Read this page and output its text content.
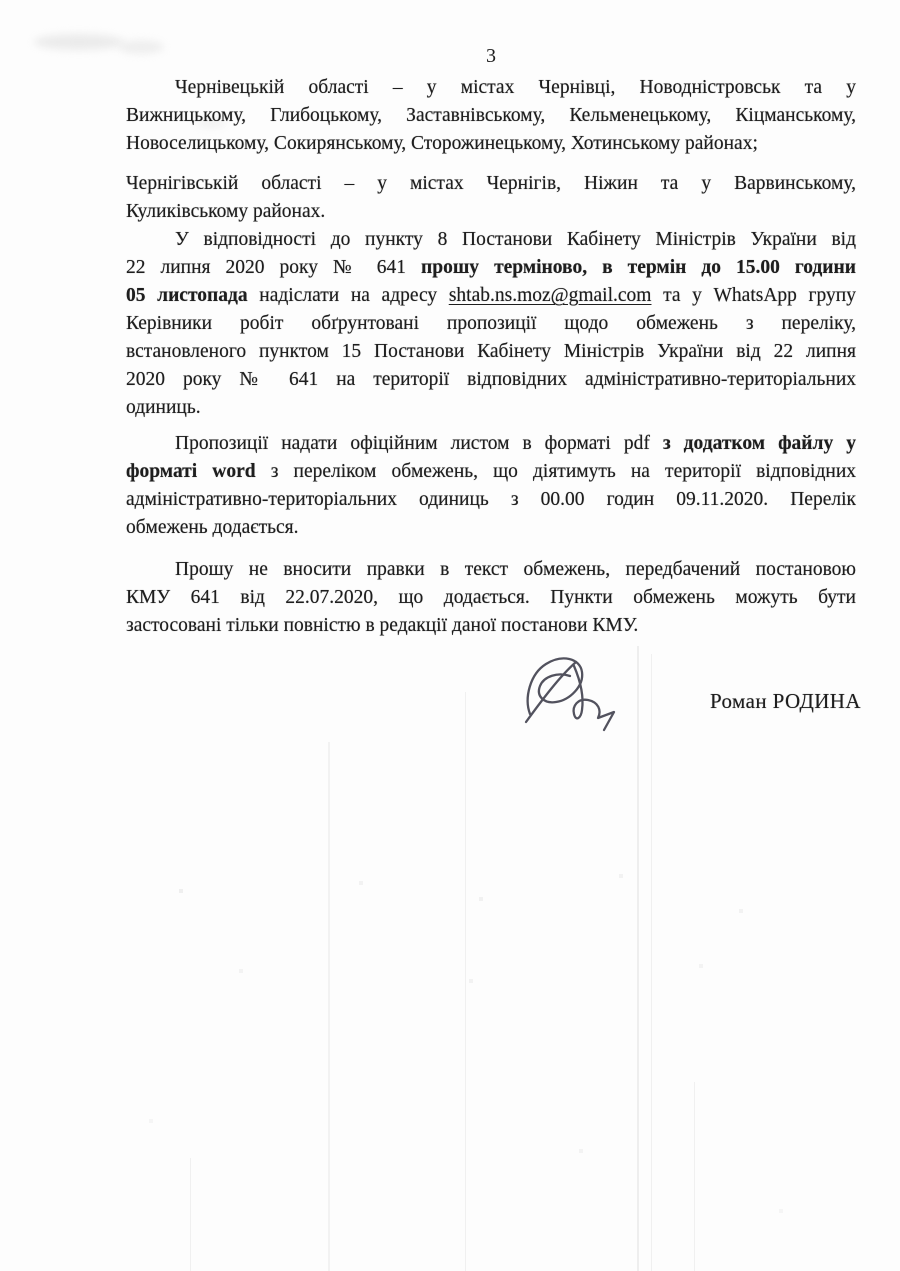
3
Чернівецькій області – у містах Чернівці, Новодністровськ та у
Вижницькому, Глибоцькому, Заставнівському, Кельменецькому, Кіцманському,
Новоселицькому, Сокирянському, Сторожинецькому, Хотинському районах;
Чернігівській області – у містах Чернігів, Ніжин та у Варвинському,
Куликівському районах.
У відповідності до пункту 8 Постанови Кабінету Міністрів України від
22 липня 2020 року № 641 прошу терміново, в термін до 15.00 години
05 листопада надіслати на адресу shtab.ns.moz@gmail.com та у WhatsApp групу
Керівники робіт обґрунтовані пропозиції щодо обмежень з переліку,
встановленого пунктом 15 Постанови Кабінету Міністрів України від 22 липня
2020 року № 641 на території відповідних адміністративно-територіальних
одиниць.
Пропозиції надати офіційним листом в форматі pdf з додатком файлу у
форматі word з переліком обмежень, що діятимуть на території відповідних
адміністративно-територіальних одиниць з 00.00 годин 09.11.2020. Перелік
обмежень додається.
Прошу не вносити правки в текст обмежень, передбачений постановою
КМУ 641 від 22.07.2020, що додається. Пункти обмежень можуть бути
застосовані тільки повністю в редакції даної постанови КМУ.
Роман РОДИНА
